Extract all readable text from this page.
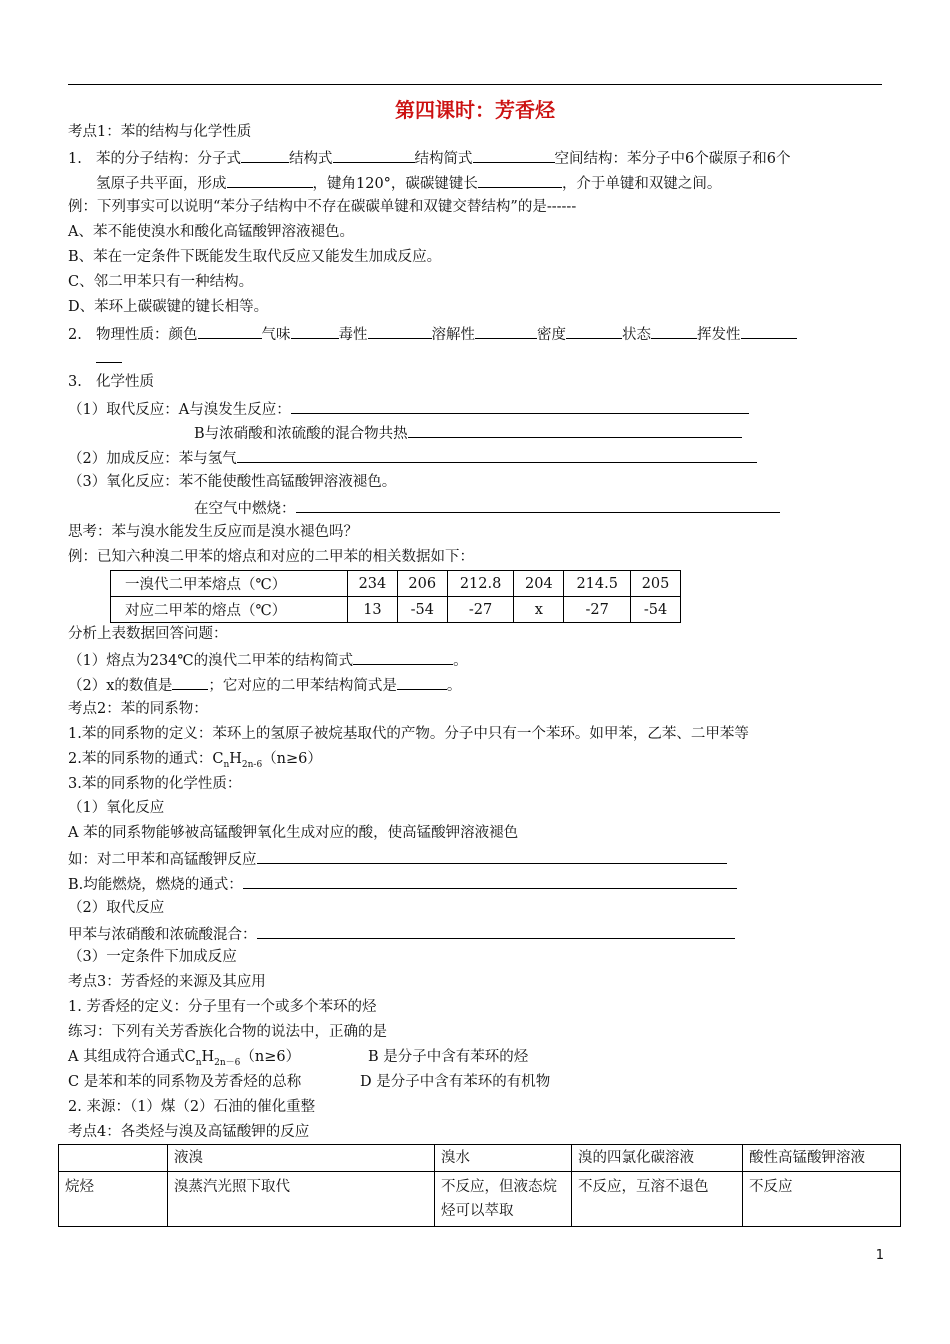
第四课时：芳香烃
考点1：苯的结构与化学性质
1. 苯的分子结构：分子式	结构式	结构简式	空间结构：苯分子中6个碳原子和6个
氢原子共平面，形成	，键角120°，碳碳键键长	，介于单键和双键之间。
例：下列事实可以说明“苯分子结构中不存在碳碳单键和双键交替结构”的是------
A、苯不能使溴水和酸化高锰酸钾溶液褪色。
B、苯在一定条件下既能发生取代反应又能发生加成反应。
C、邻二甲苯只有一种结构。
D、苯环上碳碳键的键长相等。
2. 物理性质：颜色	气味	毒性	溶解性	密度	状态	挥发性
3. 化学性质
（1）取代反应：A与溴发生反应：
B与浓硝酸和浓硫酸的混合物共热
（2）加成反应：苯与氢气
（3）氧化反应：苯不能使酸性高锰酸钾溶液褪色。
在空气中燃烧：
思考：苯与溴水能发生反应而是溴水褪色吗？
例：已知六种溴二甲苯的熔点和对应的二甲苯的相关数据如下：
一溴代二甲苯熔点（℃）	234	206	212.8	204	214.5	205
对应二甲苯的熔点（℃）	13	-54	-27	x	-27	-54
分析上表数据回答问题：
（1）熔点为234℃的溴代二甲苯的结构简式	。
（2）x的数值是 ；它对应的二甲苯结构简式是	。
考点2：苯的同系物：
1.苯的同系物的定义：苯环上的氢原子被烷基取代的产物。分子中只有一个苯环。如甲苯，乙苯、二甲苯等
2.苯的同系物的通式：$C_nH_{2n-6}(n\ge 6)$
3.苯的同系物的化学性质：
（1）氧化反应
A 苯的同系物能够被高锰酸钾氧化生成对应的酸，使高锰酸钾溶液褪色
如：对二甲苯和高锰酸钾反应
B.均能燃烧，燃烧的通式：
（2）取代反应
甲苯与浓硝酸和浓硫酸混合：
（3）一定条件下加成反应
考点3：芳香烃的来源及其应用
1. 芳香烃的定义：分子里有一个或多个苯环的烃
练习：下列有关芳香族化合物的说法中，正确的是
A 其组成符合通式$C_nH_{2n-6}(n\ge 6)$	B 是分子中含有苯环的烃
C 是苯和苯的同系物及芳香烃的总称	D 是分子中含有苯环的有机物
2. 来源：（1）煤（2）石油的催化重整
考点4：各类烃与溴及高锰酸钾的反应
	液溴	溴水	溴的四氯化碳溶液	酸性高锰酸钾溶液
烷烃	溴蒸汽光照下取代	不反应，但液态烷烃可以萃取	不反应，互溶不退色	不反应
1
